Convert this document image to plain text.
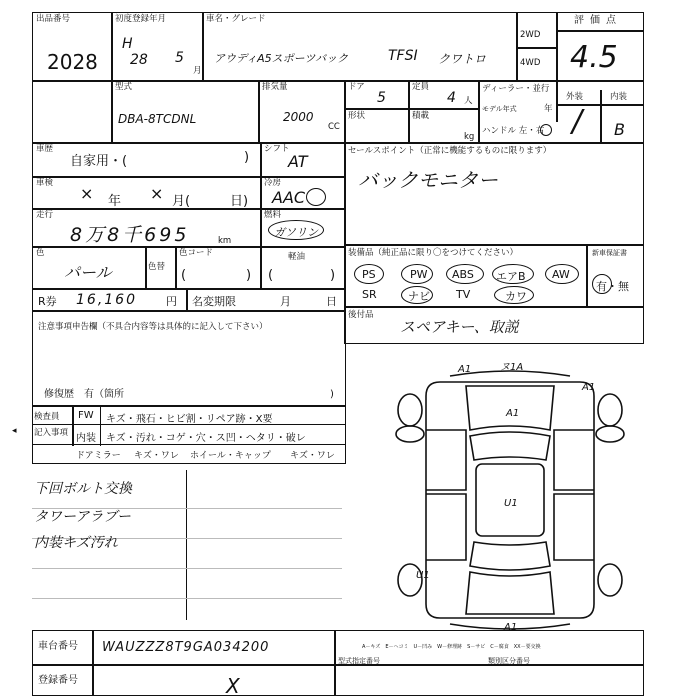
出品番号
2028
初度登録年月
H
28 5
月
車名・グレード
アウディA5スポーツバック	TFSI クワトロ
2WD
4WD
評価点
4.5
型式
DBA-8TCDNL
排気量
2000
CC
ドア
5
定員
4 人
形状	積載
kg
ディーラー・並行
モデル年式	年
ハンドル 左・右
外装	内装
/ B
車歴
自家用・(	)
シフト
AT
セールスポイント（正常に機能するものに限ります）
バックモニター
車検
× 年 × 月(	日)
冷房
AAC
走行
8万8千695	km
燃料
ガソリン
色
パール	色替
色コード
(	)
軽油
(	)
装備品（純正品に限り〇をつけてください）	新車保証書
PS	PW ABS エアB AW
SR	ナビ TV	カワ
有・無
R券 16,160	円 名変期限	月	日
注意事項申告欄（不具合内容等は具体的に記入して下さい）
修復歴　有（箇所	)
後付品
スペアキー、取説
検査員
記入事項
◂
FW キズ・飛石・ヒビ割・リペア跡・X要
内装 キズ・汚れ・コゲ・穴・ス凹・ヘタリ・破レ
ドアミラー キズ・ワレ ホイール・キャップ キズ・ワレ
下回ボルト交換
タワーアラブー
内装キズ汚れ
A1	ヌ1A
A1
A1
U1
U1
A1
車台番号 WAUZZZ8T9GA034200
登録番号	X
A－キズ　E－ヘコミ　U－凹み　W－修理跡　S－サビ　C－腐食　XX－要交換
型式指定番号	類別区分番号
